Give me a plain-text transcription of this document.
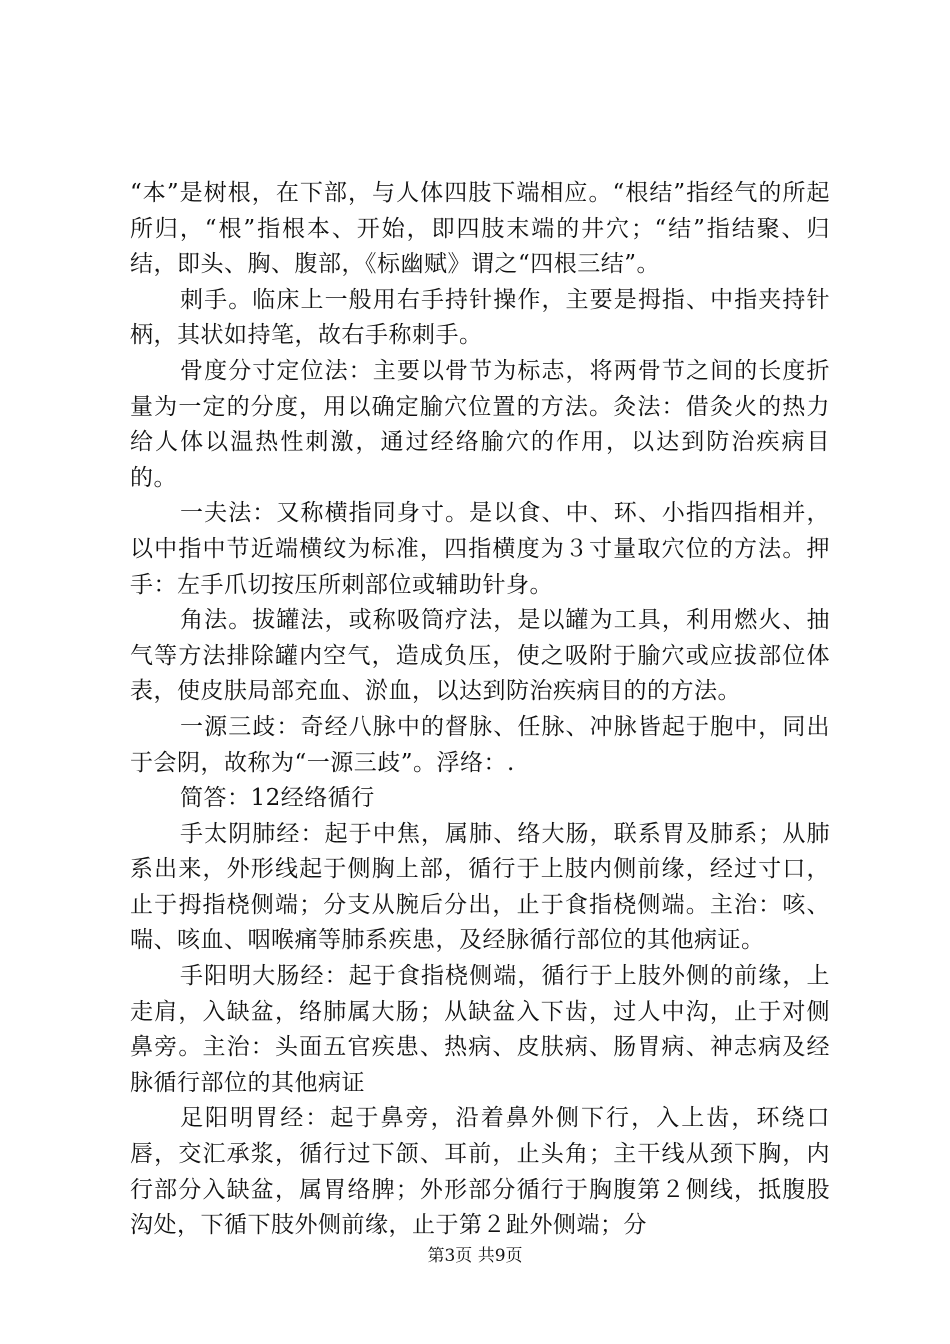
“本”是树根，在下部，与人体四肢下端相应。“根结”指经气的所起所归，“根”指根本、开始，即四肢末端的井穴；“结”指结聚、归结，即头、胸、腹部，《标幽赋》谓之“四根三结”。

刺手。临床上一般用右手持针操作，主要是拇指、中指夹持针柄，其状如持笔，故右手称刺手。

骨度分寸定位法：主要以骨节为标志，将两骨节之间的长度折量为一定的分度，用以确定腧穴位置的方法。灸法：借灸火的热力给人体以温热性刺激，通过经络腧穴的作用，以达到防治疾病目的。

一夫法：又称横指同身寸。是以食、中、环、小指四指相并，以中指中节近端横纹为标准，四指横度为３寸量取穴位的方法。押手：左手爪切按压所刺部位或辅助针身。

角法。拔罐法，或称吸筒疗法，是以罐为工具，利用燃火、抽气等方法排除罐内空气，造成负压，使之吸附于腧穴或应拔部位体表，使皮肤局部充血、淤血，以达到防治疾病目的的方法。

一源三歧：奇经八脉中的督脉、任脉、冲脉皆起于胞中，同出于会阴，故称为“一源三歧”。浮络：.

简答：12经络循行

手太阴肺经：起于中焦，属肺、络大肠，联系胃及肺系；从肺系出来，外形线起于侧胸上部，循行于上肢内侧前缘，经过寸口，止于拇指桡侧端；分支从腕后分出，止于食指桡侧端。主治：咳、喘、咳血、咽喉痛等肺系疾患，及经脉循行部位的其他病证。

手阳明大肠经：起于食指桡侧端，循行于上肢外侧的前缘，上走肩，入缺盆，络肺属大肠；从缺盆入下齿，过人中沟，止于对侧鼻旁。主治：头面五官疾患、热病、皮肤病、肠胃病、神志病及经脉循行部位的其他病证

足阳明胃经：起于鼻旁，沿着鼻外侧下行，入上齿，环绕口唇，交汇承浆，循行过下颌、耳前，止头角；主干线从颈下胸，内行部分入缺盆，属胃络脾；外形部分循行于胸腹第２侧线，抵腹股沟处，下循下肢外侧前缘，止于第２趾外侧端；分

第3页 共9页
